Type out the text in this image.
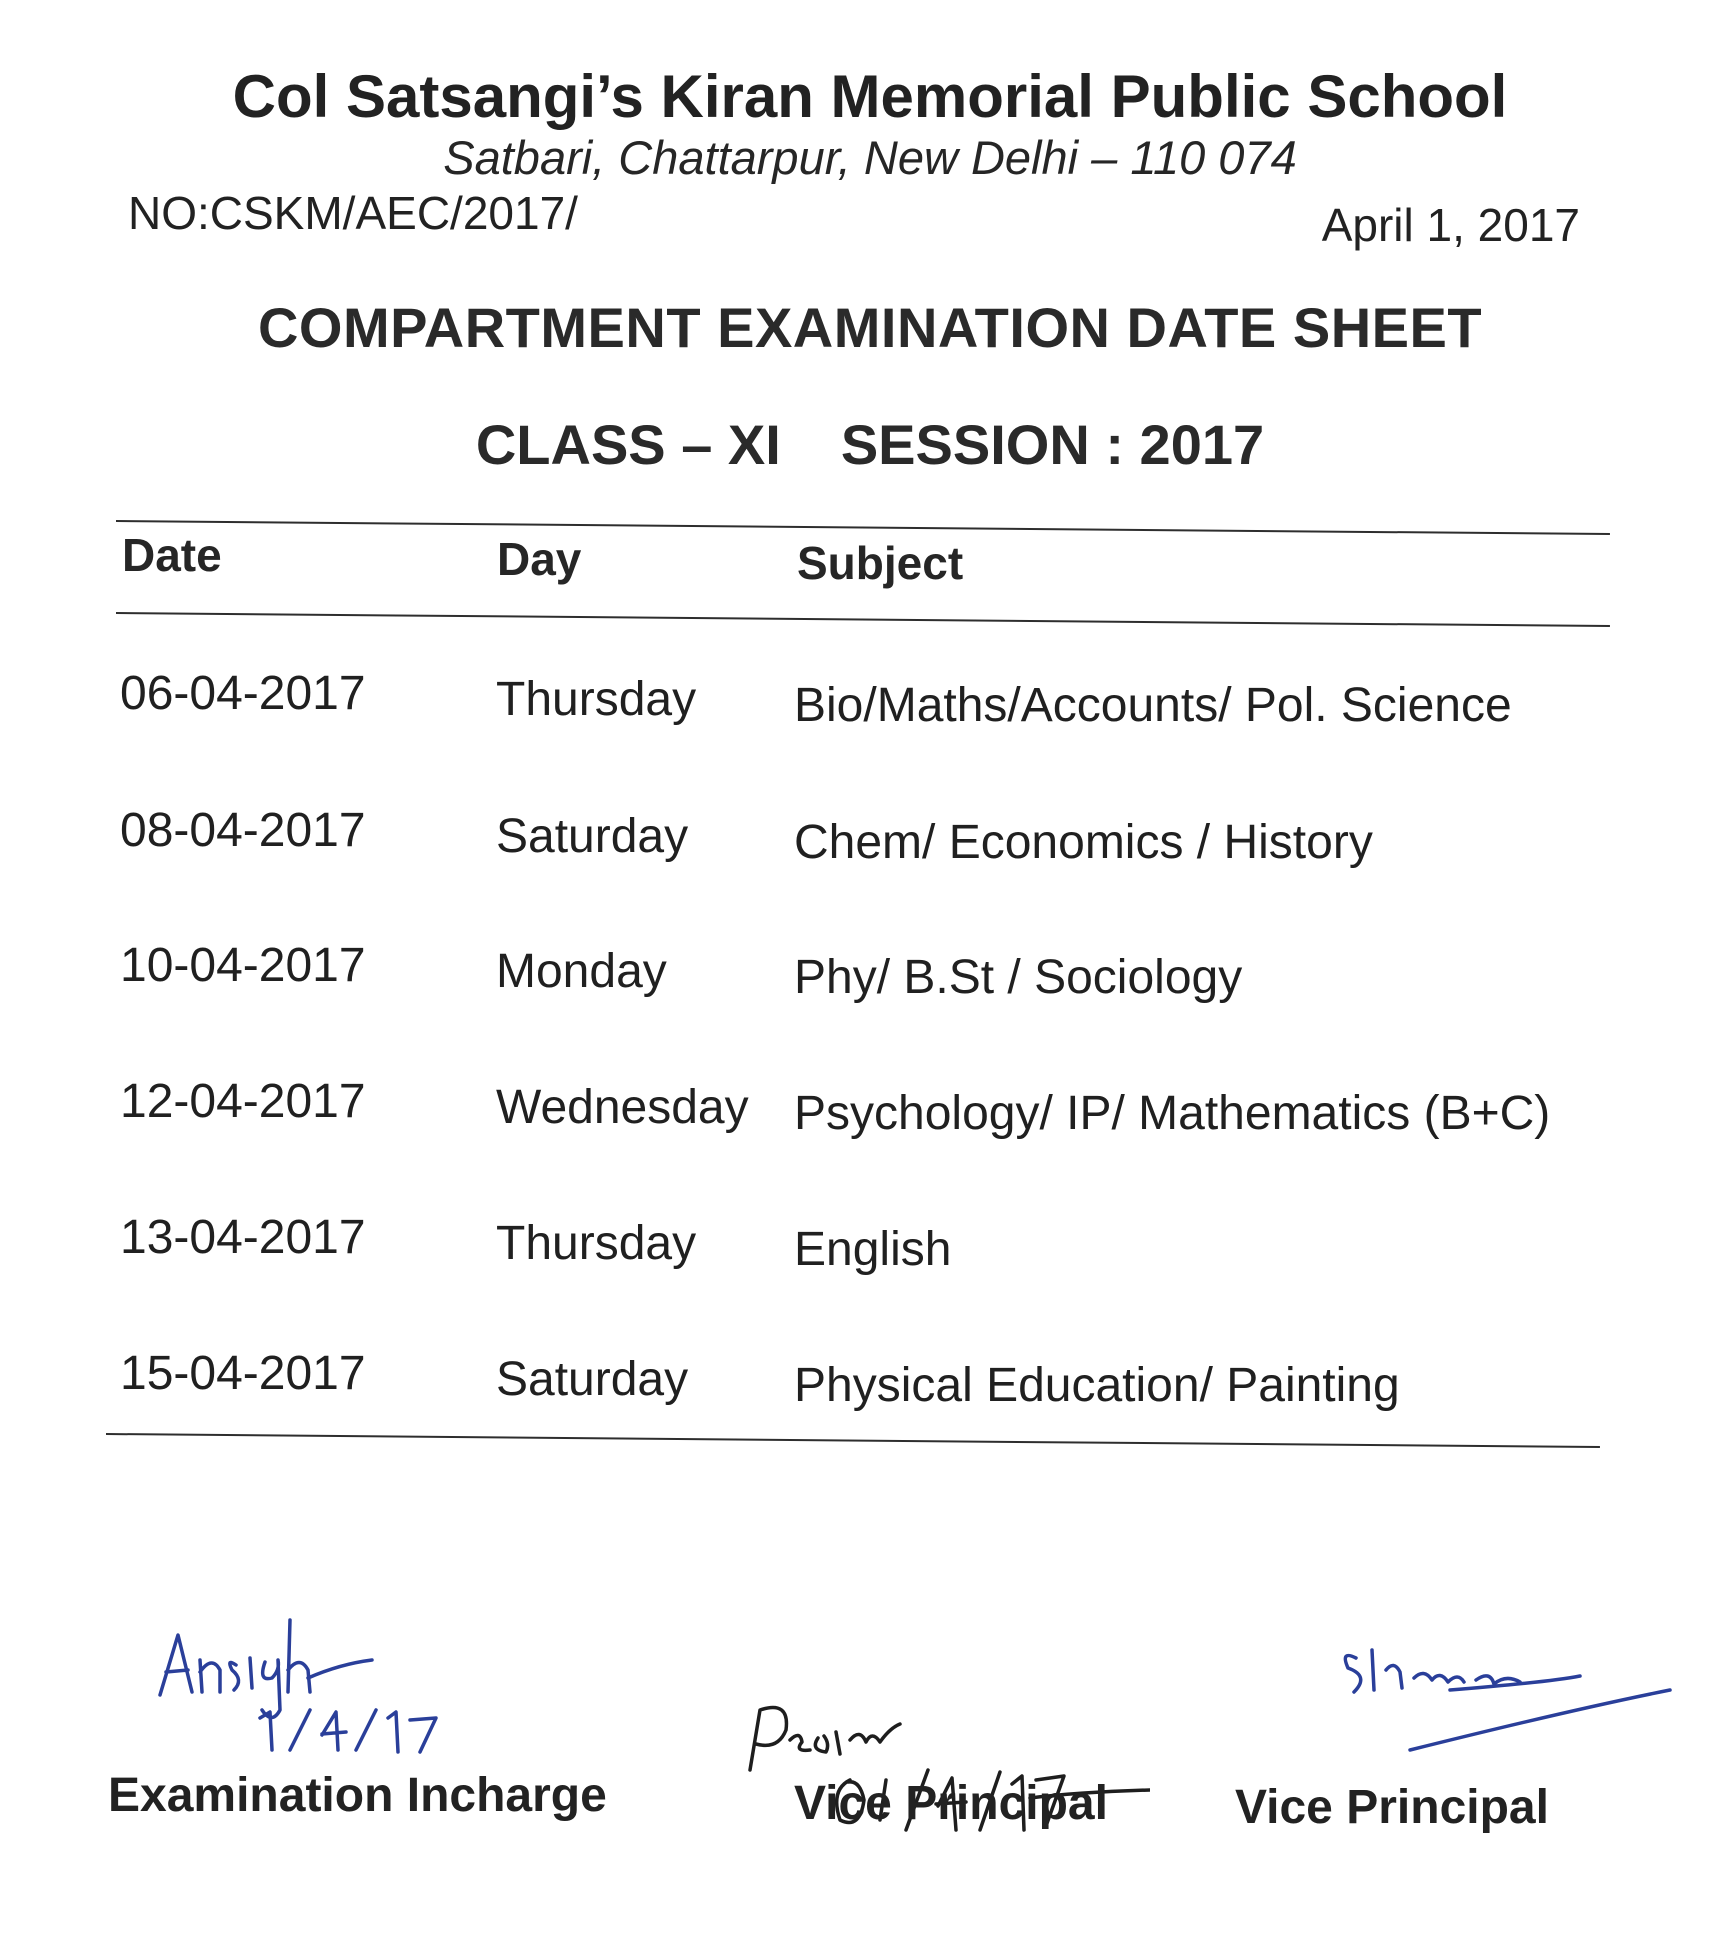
Col Satsangi’s Kiran Memorial Public School
Satbari, Chattarpur, New Delhi – 110 074
NO:CSKM/AEC/2017/	April 1, 2017
COMPARTMENT EXAMINATION DATE SHEET
CLASS – XI SESSION : 2017
Date	Day	Subject
06-04-2017	Thursday Bio/Maths/Accounts/ Pol. Science
08-04-2017	Saturday Chem/ Economics / History
10-04-2017	Monday	Phy/ B.St / Sociology
12-04-2017	Wednesday Psychology/ IP/ Mathematics (B+C)
13-04-2017	Thursday English
15-04-2017	Saturday Physical Education/ Painting
Examination Incharge	Vice Principal	Vice Principal
